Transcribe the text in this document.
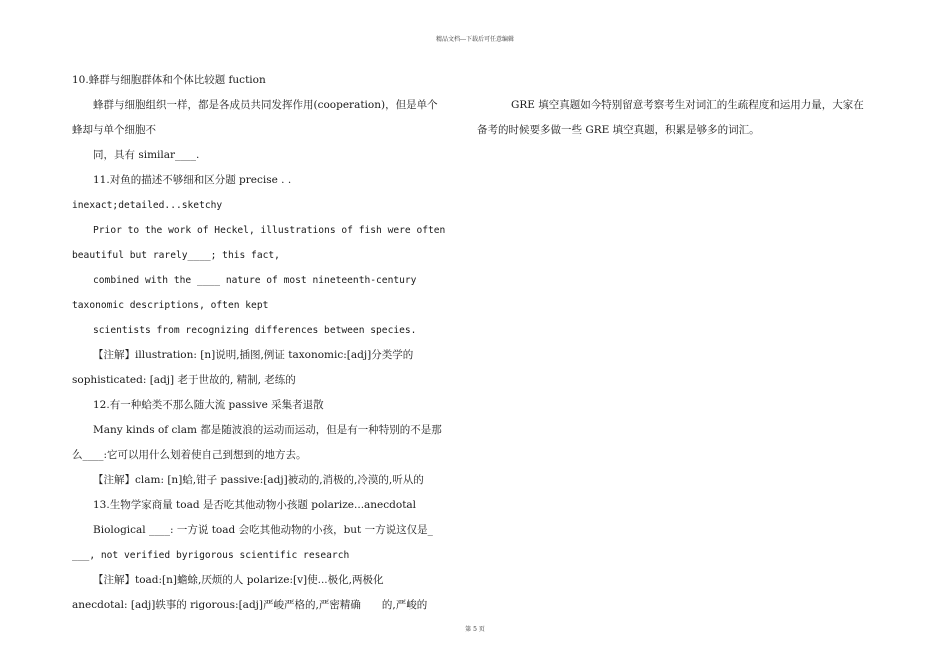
精品文档---下载后可任意编辑
10.蜂群与细胞群体和个体比较题 fuction
蜂群与细胞组织一样，都是各成员共同发挥作用(cooperation)，但是单个
蜂却与单个细胞不
同，具有 similar____.
11.对鱼的描述不够细和区分题 precise . .
inexact;detailed...sketchy
Prior to the work of Heckel, illustrations of fish were often
beautiful but rarely____; this fact,
combined with the ____ nature of most nineteenth-century
taxonomic descriptions, often kept
scientists from recognizing differences between species.
【注解】illustration: [n]说明,插图,例证 taxonomic:[adj]分类学的
sophisticated: [adj] 老于世故的, 精制, 老练的
12.有一种蛤类不那么随大流 passive 采集者退散
Many kinds of clam 都是随波浪的运动而运动，但是有一种特别的不是那
么____:它可以用什么划着使自己到想到的地方去。
【注解】clam: [n]蛤,钳子 passive:[adj]被动的,消极的,冷漠的,听从的
13.生物学家商量 toad 是否吃其他动物小孩题 polarize...anecdotal
Biological ____: 一方说 toad 会吃其他动物的小孩，but 一方说这仅是_
___, not verified byrigorous scientific research
【注解】toad:[n]蟾蜍,厌烦的人 polarize:[v]使...极化,两极化
anecdotal: [adj]轶事的 rigorous:[adj]严峻严格的,严密精确　　的,严峻的
GRE 填空真题如今特别留意考察考生对词汇的生疏程度和运用力量，大家在
备考的时候要多做一些 GRE 填空真题，积累是够多的词汇。
第 5 页
